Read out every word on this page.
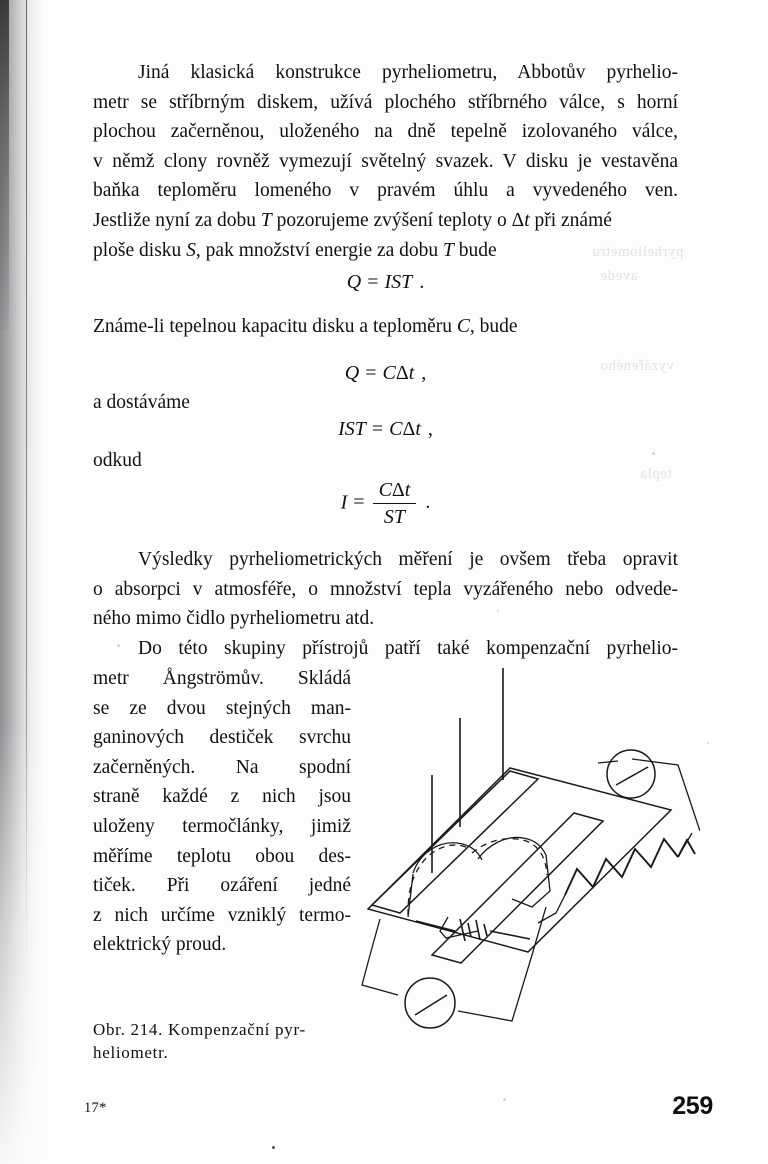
pyrheliometru
avede
vyzářeného
tepla

Jiná klasická konstrukce pyrheliometru, Abbotův pyrhelio-
metr se stříbrným diskem, užívá plochého stříbrného válce, s horní
plochou začerněnou, uloženého na dně tepelně izolovaného válce,
v němž clony rovněž vymezují světelný svazek. V disku je vestavěna
baňka teploměru lomeného v pravém úhlu a vyvedeného ven.
Jestliže nyní za dobu T pozorujeme zvýšení teploty o Δt při známé
ploše disku S, pak množství energie za dobu T bude

Q = IST .
Známe-li tepelnou kapacitu disku a teploměru C, bude
Q = CΔt ,
a dostáváme
IST = CΔt ,
odkud
$I = \frac{\text{CΔt}}{ST}$ .

Výsledky pyrheliometrických měření je ovšem třeba opravit
o absorpci v atmosféře, o množství tepla vyzářeného nebo odvede-
ného mimo čidlo pyrheliometru atd.

Do této skupiny přístrojů patří také kompenzační pyrhelio-

metr Ångströmův. Skládá
se ze dvou stejných man-
ganinových destiček svrchu
začerněných. Na spodní
straně každé z nich jsou
uloženy termočlánky, jimiž
měříme teplotu obou des-
tiček. Při ozáření jedné
z nich určíme vzniklý termo-
elektrický proud.
Obr. 214. Kompenzační pyr-
heliometr.
17*	259
